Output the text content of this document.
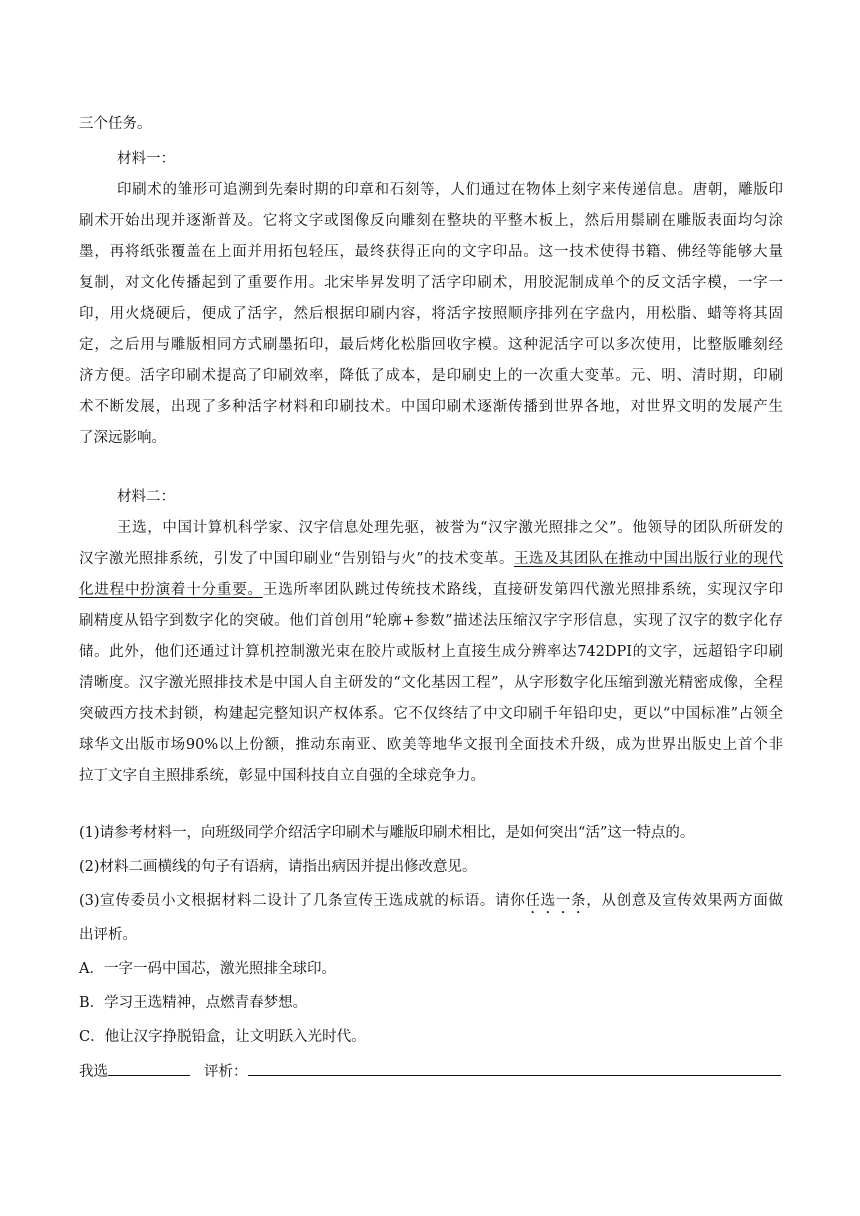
三个任务。
材料一：
印刷术的雏形可追溯到先秦时期的印章和石刻等，人们通过在物体上刻字来传递信息。唐朝，雕版印
刷术开始出现并逐渐普及。它将文字或图像反向雕刻在整块的平整木板上，然后用鬃刷在雕版表面均匀涂
墨，再将纸张覆盖在上面并用拓包轻压，最终获得正向的文字印品。这一技术使得书籍、佛经等能够大量
复制，对文化传播起到了重要作用。北宋毕昇发明了活字印刷术，用胶泥制成单个的反文活字模，一字一
印，用火烧硬后，便成了活字，然后根据印刷内容，将活字按照顺序排列在字盘内，用松脂、蜡等将其固
定，之后用与雕版相同方式刷墨拓印，最后烤化松脂回收字模。这种泥活字可以多次使用，比整版雕刻经
济方便。活字印刷术提高了印刷效率，降低了成本，是印刷史上的一次重大变革。元、明、清时期，印刷
术不断发展，出现了多种活字材料和印刷技术。中国印刷术逐渐传播到世界各地，对世界文明的发展产生
了深远影响。
材料二：
王选，中国计算机科学家、汉字信息处理先驱，被誉为“汉字激光照排之父”。他领导的团队所研发的
汉字激光照排系统，引发了中国印刷业“告别铅与火”的技术变革。王选及其团队在推动中国出版行业的现代
化进程中扮演着十分重要。王选所率团队跳过传统技术路线，直接研发第四代激光照排系统，实现汉字印
刷精度从铅字到数字化的突破。他们首创用“轮廓+参数”描述法压缩汉字字形信息，实现了汉字的数字化存
储。此外，他们还通过计算机控制激光束在胶片或版材上直接生成分辨率达742DPI的文字，远超铅字印刷
清晰度。汉字激光照排技术是中国人自主研发的“文化基因工程”，从字形数字化压缩到激光精密成像，全程
突破西方技术封锁，构建起完整知识产权体系。它不仅终结了中文印刷千年铅印史，更以“中国标准”占领全
球华文出版市场90%以上份额，推动东南亚、欧美等地华文报刊全面技术升级，成为世界出版史上首个非
拉丁文字自主照排系统，彰显中国科技自立自强的全球竞争力。
(1)请参考材料一，向班级同学介绍活字印刷术与雕版印刷术相比，是如何突出“活”这一特点的。
(2)材料二画横线的句子有语病，请指出病因并提出修改意见。
(3)宣传委员小文根据材料二设计了几条宣传王选成就的标语。请你任选一条，从创意及宣传效果两方面做
出评析。
A．一字一码中国芯，激光照排全球印。
B．学习王选精神，点燃青春梦想。
C．他让汉字挣脱铅盒，让文明跃入光时代。
我选	评析：
